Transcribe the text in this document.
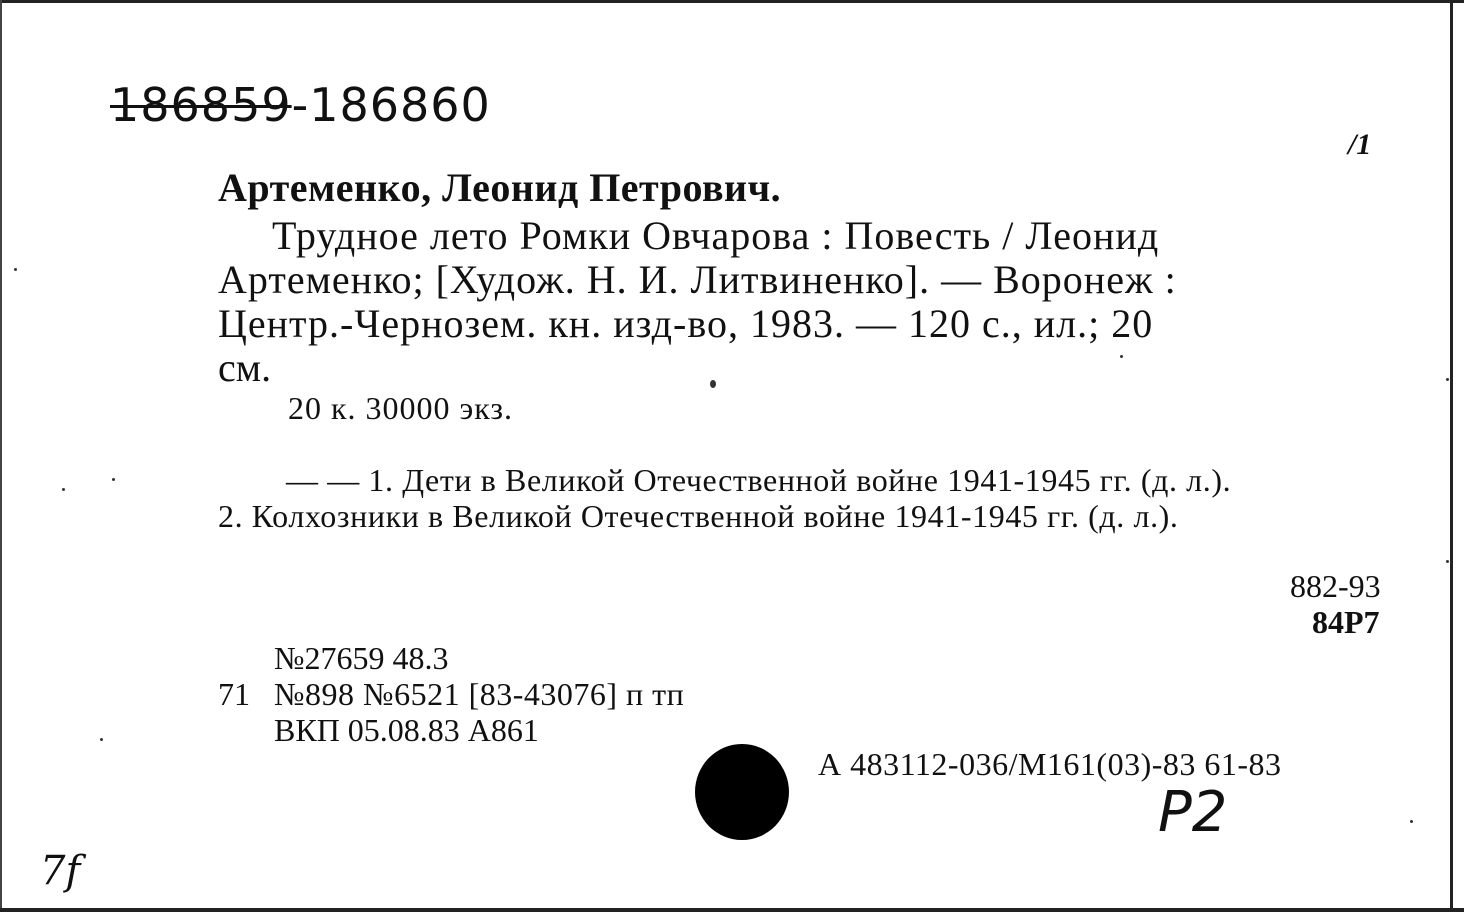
186859-186860
/1
Артеменко, Леонид Петрович.
Трудное лето Ромки Овчарова : Повесть / Леонид
Артеменко; [Худож. Н. И. Литвиненко]. — Воронеж :
Центр.-Чернозем. кн. изд-во, 1983. — 120 с., ил.; 20
см.
20 к. 30000 экз.
— — 1. Дети в Великой Отечественной войне 1941-1945 гг. (д. л.).
2. Колхозники в Великой Отечественной войне 1941-1945 гг. (д. л.).
882-93
84Р7
№27659 48.3
71 №898 №6521 [83-43076] п тп
ВКП 05.08.83 А861
А 483112-036/М161(03)-83 61-83
7f
Р2
